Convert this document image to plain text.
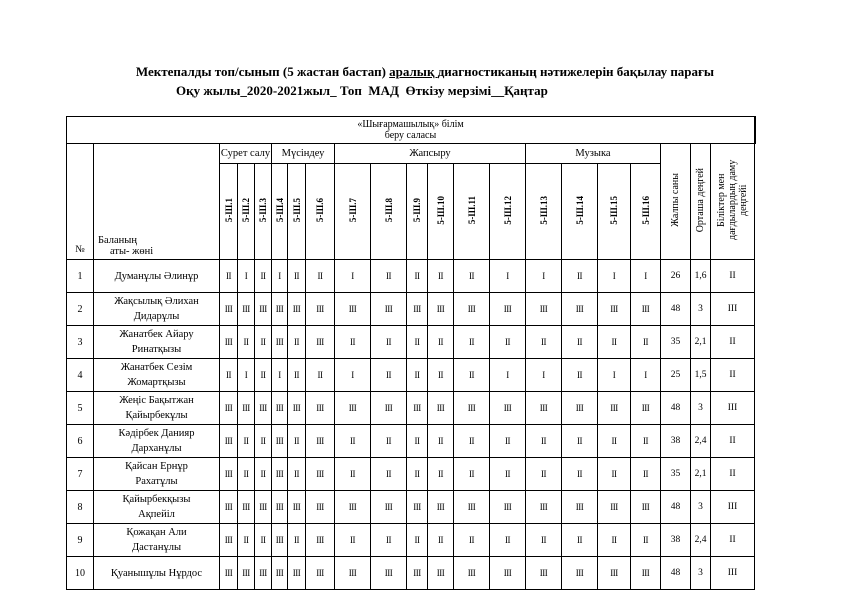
Мектепалды топ/сынып (5 жастан бастап) аралық диагностиканың нәтижелерін бақылау парағы
Оқу жылы_2020-2021жыл_ Топ  МАД  Өткізу мерзімі__Қаңтар
«Шығармашылық» білім
беру саласы																					

№	Баланың
аты- жөні	Сурет салу			Мүсіндеу			Жапсыру						Музыка				Жалпы саны	Орташа деңгей	Біліктер мен дағдылардың даму деңгейі	
		5-Ш.1	5-Ш.2	5-Ш.3	5-Ш.4	5-Ш.5	5-Ш.6	5-Ш.7	5-Ш.8	5-Ш.9	5-Ш.10	5-Ш.11	5-Ш.12	5-Ш.13	5-Ш.14	5-Ш.15	5-Ш.16				
1	Думанұлы Әлинұр	II	I	II	I	II	II	I	II	II	II	II	I	I	II	I	I	26	1,6	II	
2	Жақсылық Әлихан
Дидарұлы	III	III	III	III	III	III	III	III	III	III	III	III	III	III	III	III	48	3	III	
3	Жанатбек Айару
Ринатқызы	III	II	II	III	II	III	II	II	II	II	II	II	II	II	II	II	35	2,1	II	
4	Жанатбек Сезім
Жомартқызы	II	I	II	I	II	II	I	II	II	II	II	I	I	II	I	I	25	1,5	II	
5	Жеңіс Бақытжан
Қайырбекұлы	III	III	III	III	III	III	III	III	III	III	III	III	III	III	III	III	48	3	III	
6	Кәдірбек Данияр
Дарханұлы	III	II	II	III	II	III	II	II	II	II	II	II	II	II	II	II	38	2,4	II	
7	Қайсан Ернұр
Рахатұлы	III	II	II	III	II	III	II	II	II	II	II	II	II	II	II	II	35	2,1	II	
8	Қайырбекқызы
Ақпейіл	III	III	III	III	III	III	III	III	III	III	III	III	III	III	III	III	48	3	III	
9	Қожақан Али
Дастанұлы	III	II	II	III	II	III	II	II	II	II	II	II	II	II	II	II	38	2,4	II	
10	Қуанышұлы Нұрдос	III	III	III	III	III	III	III	III	III	III	III	III	III	III	III	III	48	3	III	
